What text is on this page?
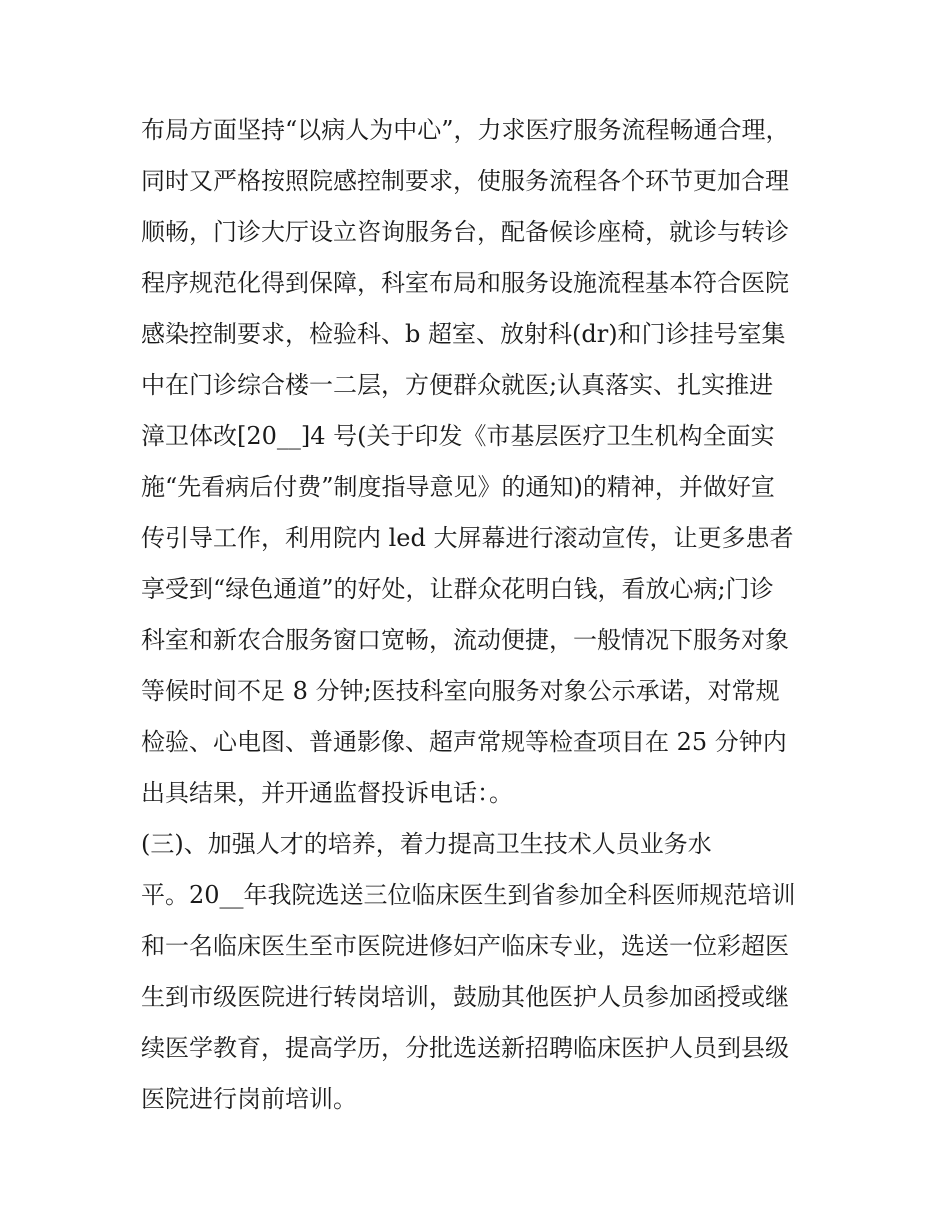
布局方面坚持“以病人为中心”，力求医疗服务流程畅通合理，
同时又严格按照院感控制要求，使服务流程各个环节更加合理
顺畅，门诊大厅设立咨询服务台，配备候诊座椅，就诊与转诊
程序规范化得到保障，科室布局和服务设施流程基本符合医院
感染控制要求，检验科、b 超室、放射科(dr)和门诊挂号室集
中在门诊综合楼一二层，方便群众就医;认真落实、扎实推进
漳卫体改[20__]4 号(关于印发《市基层医疗卫生机构全面实
施“先看病后付费”制度指导意见》的通知)的精神，并做好宣
传引导工作，利用院内 led 大屏幕进行滚动宣传，让更多患者
享受到“绿色通道”的好处，让群众花明白钱，看放心病;门诊
科室和新农合服务窗口宽畅，流动便捷，一般情况下服务对象
等候时间不足 8 分钟;医技科室向服务对象公示承诺，对常规
检验、心电图、普通影像、超声常规等检查项目在 25 分钟内
出具结果，并开通监督投诉电话：。
(三)、加强人才的培养，着力提高卫生技术人员业务水
平。20__年我院选送三位临床医生到省参加全科医师规范培训
和一名临床医生至市医院进修妇产临床专业，选送一位彩超医
生到市级医院进行转岗培训，鼓励其他医护人员参加函授或继
续医学教育，提高学历，分批选送新招聘临床医护人员到县级
医院进行岗前培训。
